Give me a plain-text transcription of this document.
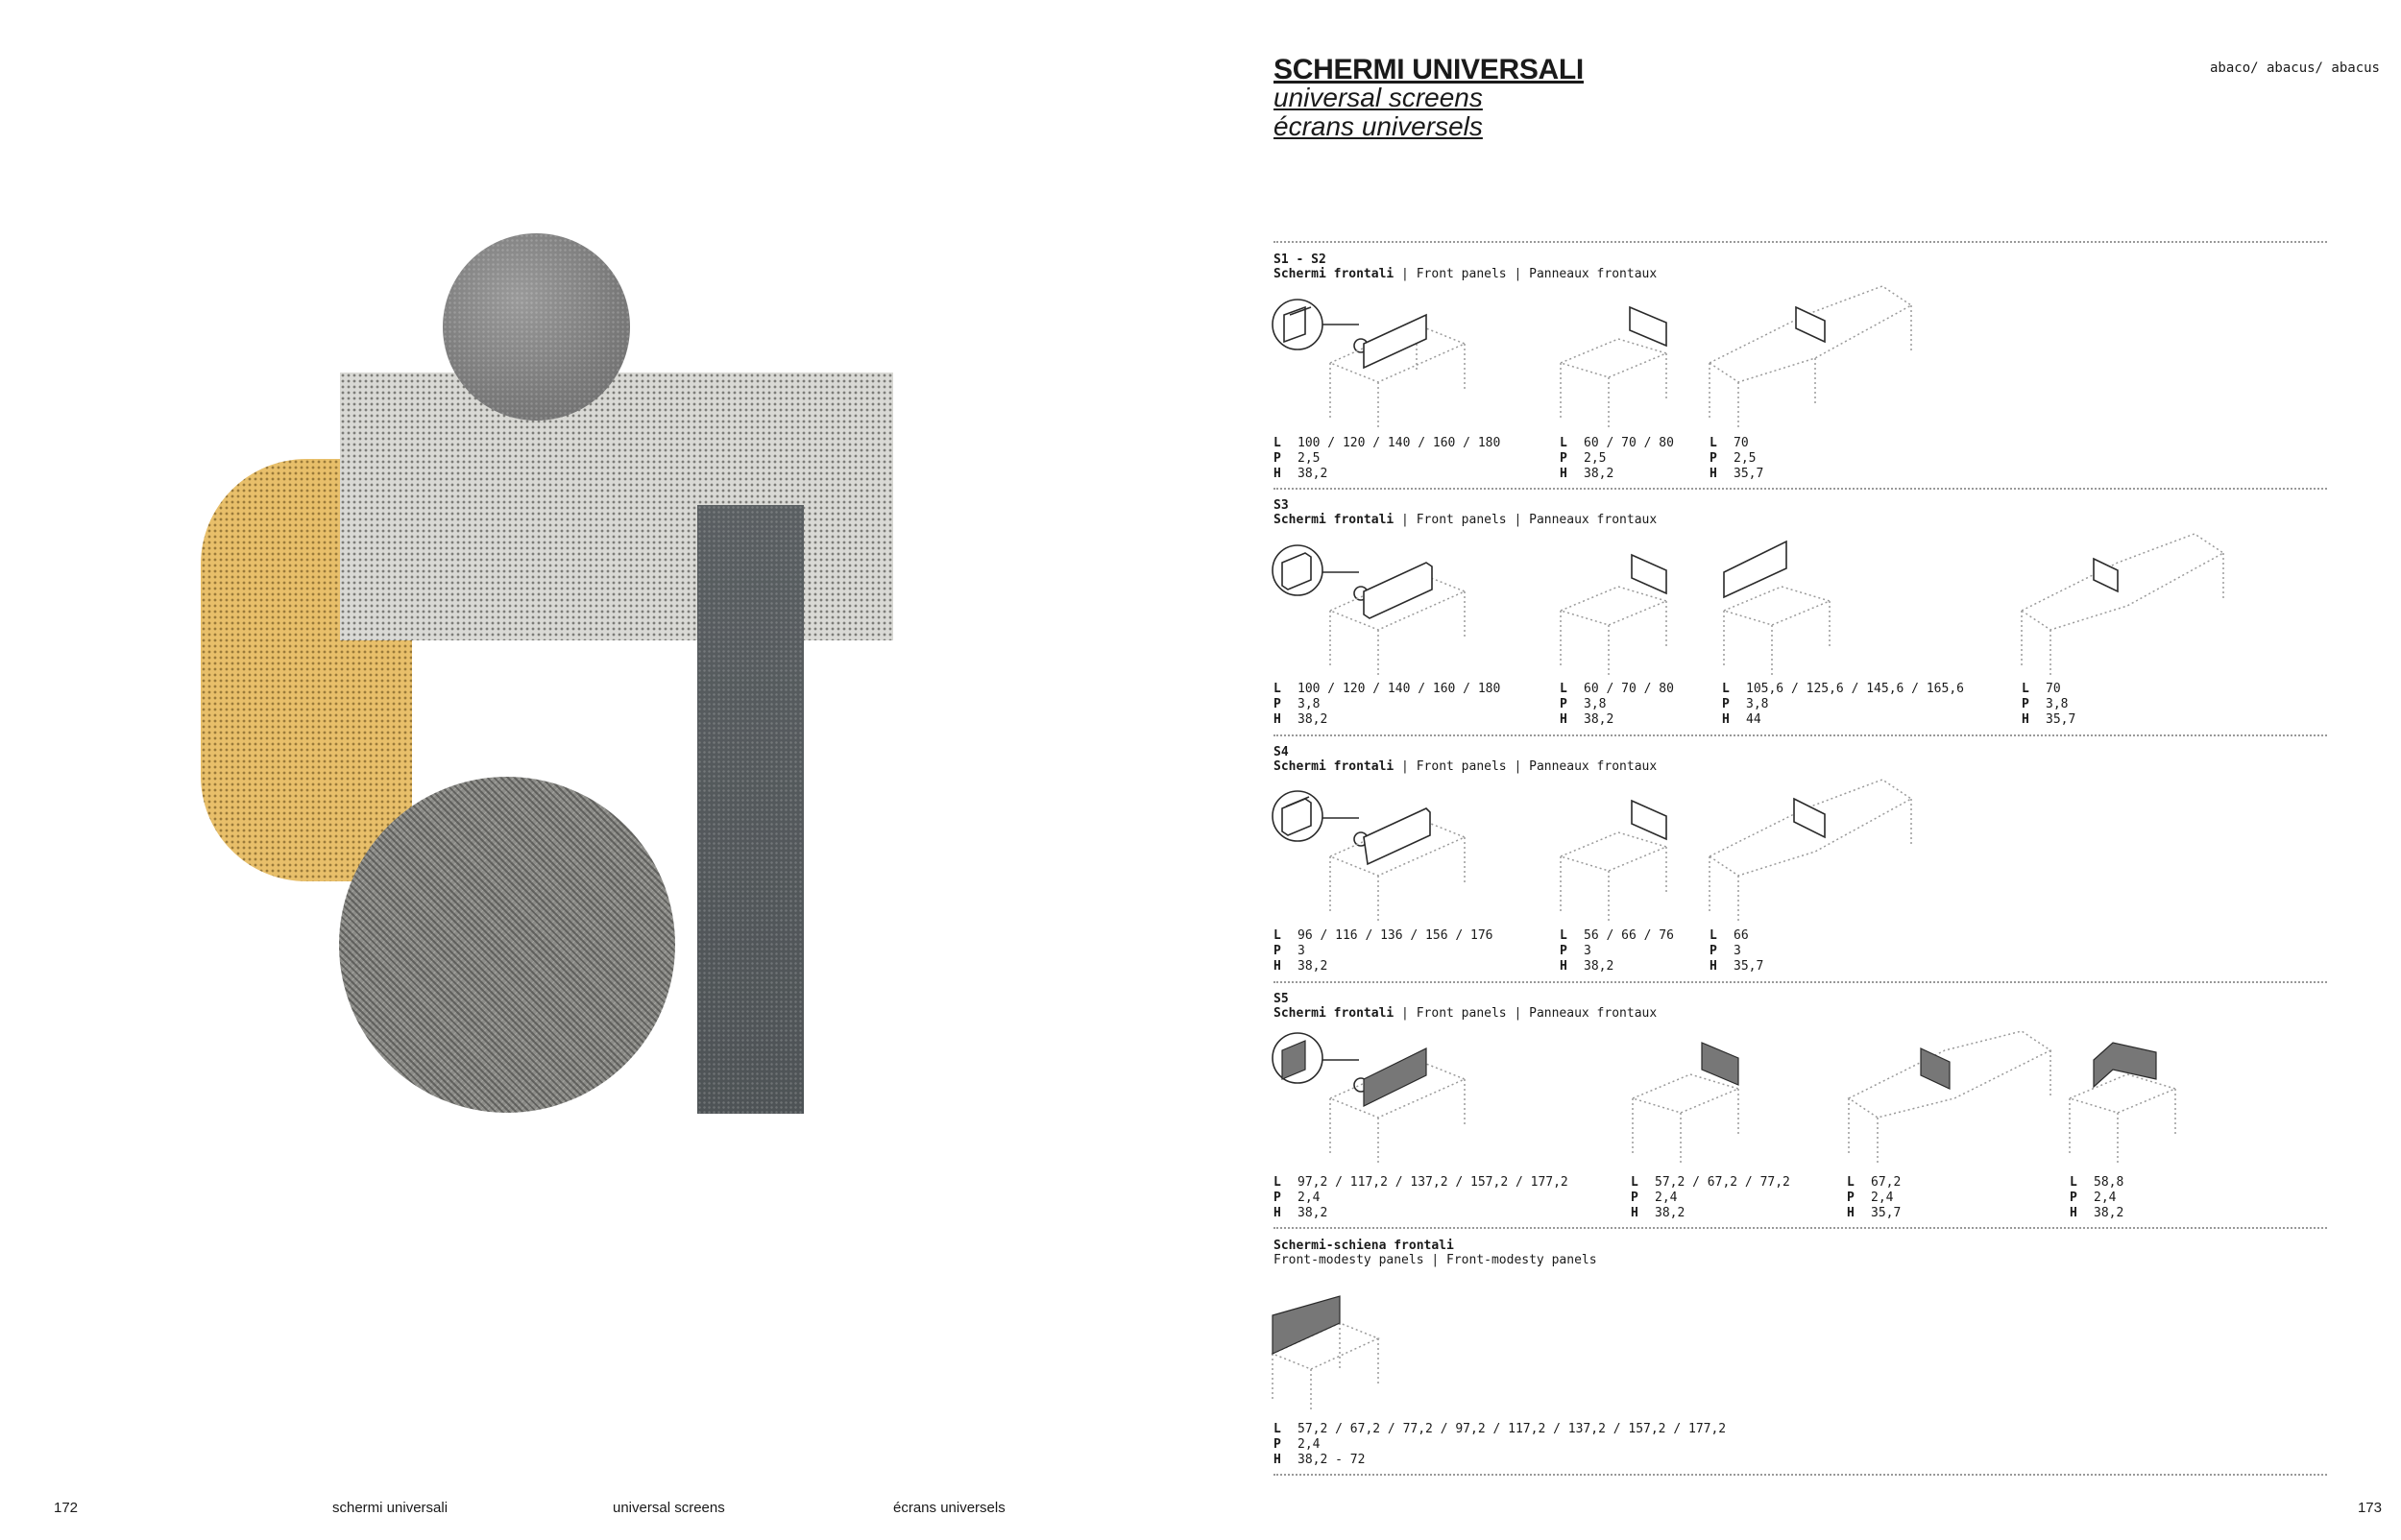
172	schermi universali	universal screens	écrans universels
SCHERMI UNIVERSALI
universal screens
écrans universels
abaco/ abacus/ abacus
S1 - S2
Schermi frontali | Front panels | Panneaux frontaux
L 100 / 120 / 140 / 160 / 180
P 2,5
H 38,2
L 60 / 70 / 80
P 2,5
H 38,2
L 70
P 2,5
H 35,7
S3
Schermi frontali | Front panels | Panneaux frontaux
L 100 / 120 / 140 / 160 / 180
P 3,8
H 38,2
L 60 / 70 / 80
P 3,8
H 38,2
L 105,6 / 125,6 / 145,6 / 165,6
P 3,8
H 44
L 70
P 3,8
H 35,7
S4
Schermi frontali | Front panels | Panneaux frontaux
L 96 / 116 / 136 / 156 / 176
P 3
H 38,2
L 56 / 66 / 76
P 3
H 38,2
L 66
P 3
H 35,7
S5
Schermi frontali | Front panels | Panneaux frontaux
L 97,2 / 117,2 / 137,2 / 157,2 / 177,2
P 2,4
H 38,2
L 57,2 / 67,2 / 77,2
P 2,4
H 38,2
L 67,2
P 2,4
H 35,7
L 58,8
P 2,4
H 38,2
Schermi-schiena frontali
Front-modesty panels | Front-modesty panels
L 57,2 / 67,2 / 77,2 / 97,2 / 117,2 / 137,2 / 157,2 / 177,2
P 2,4
H 38,2 - 72
173
